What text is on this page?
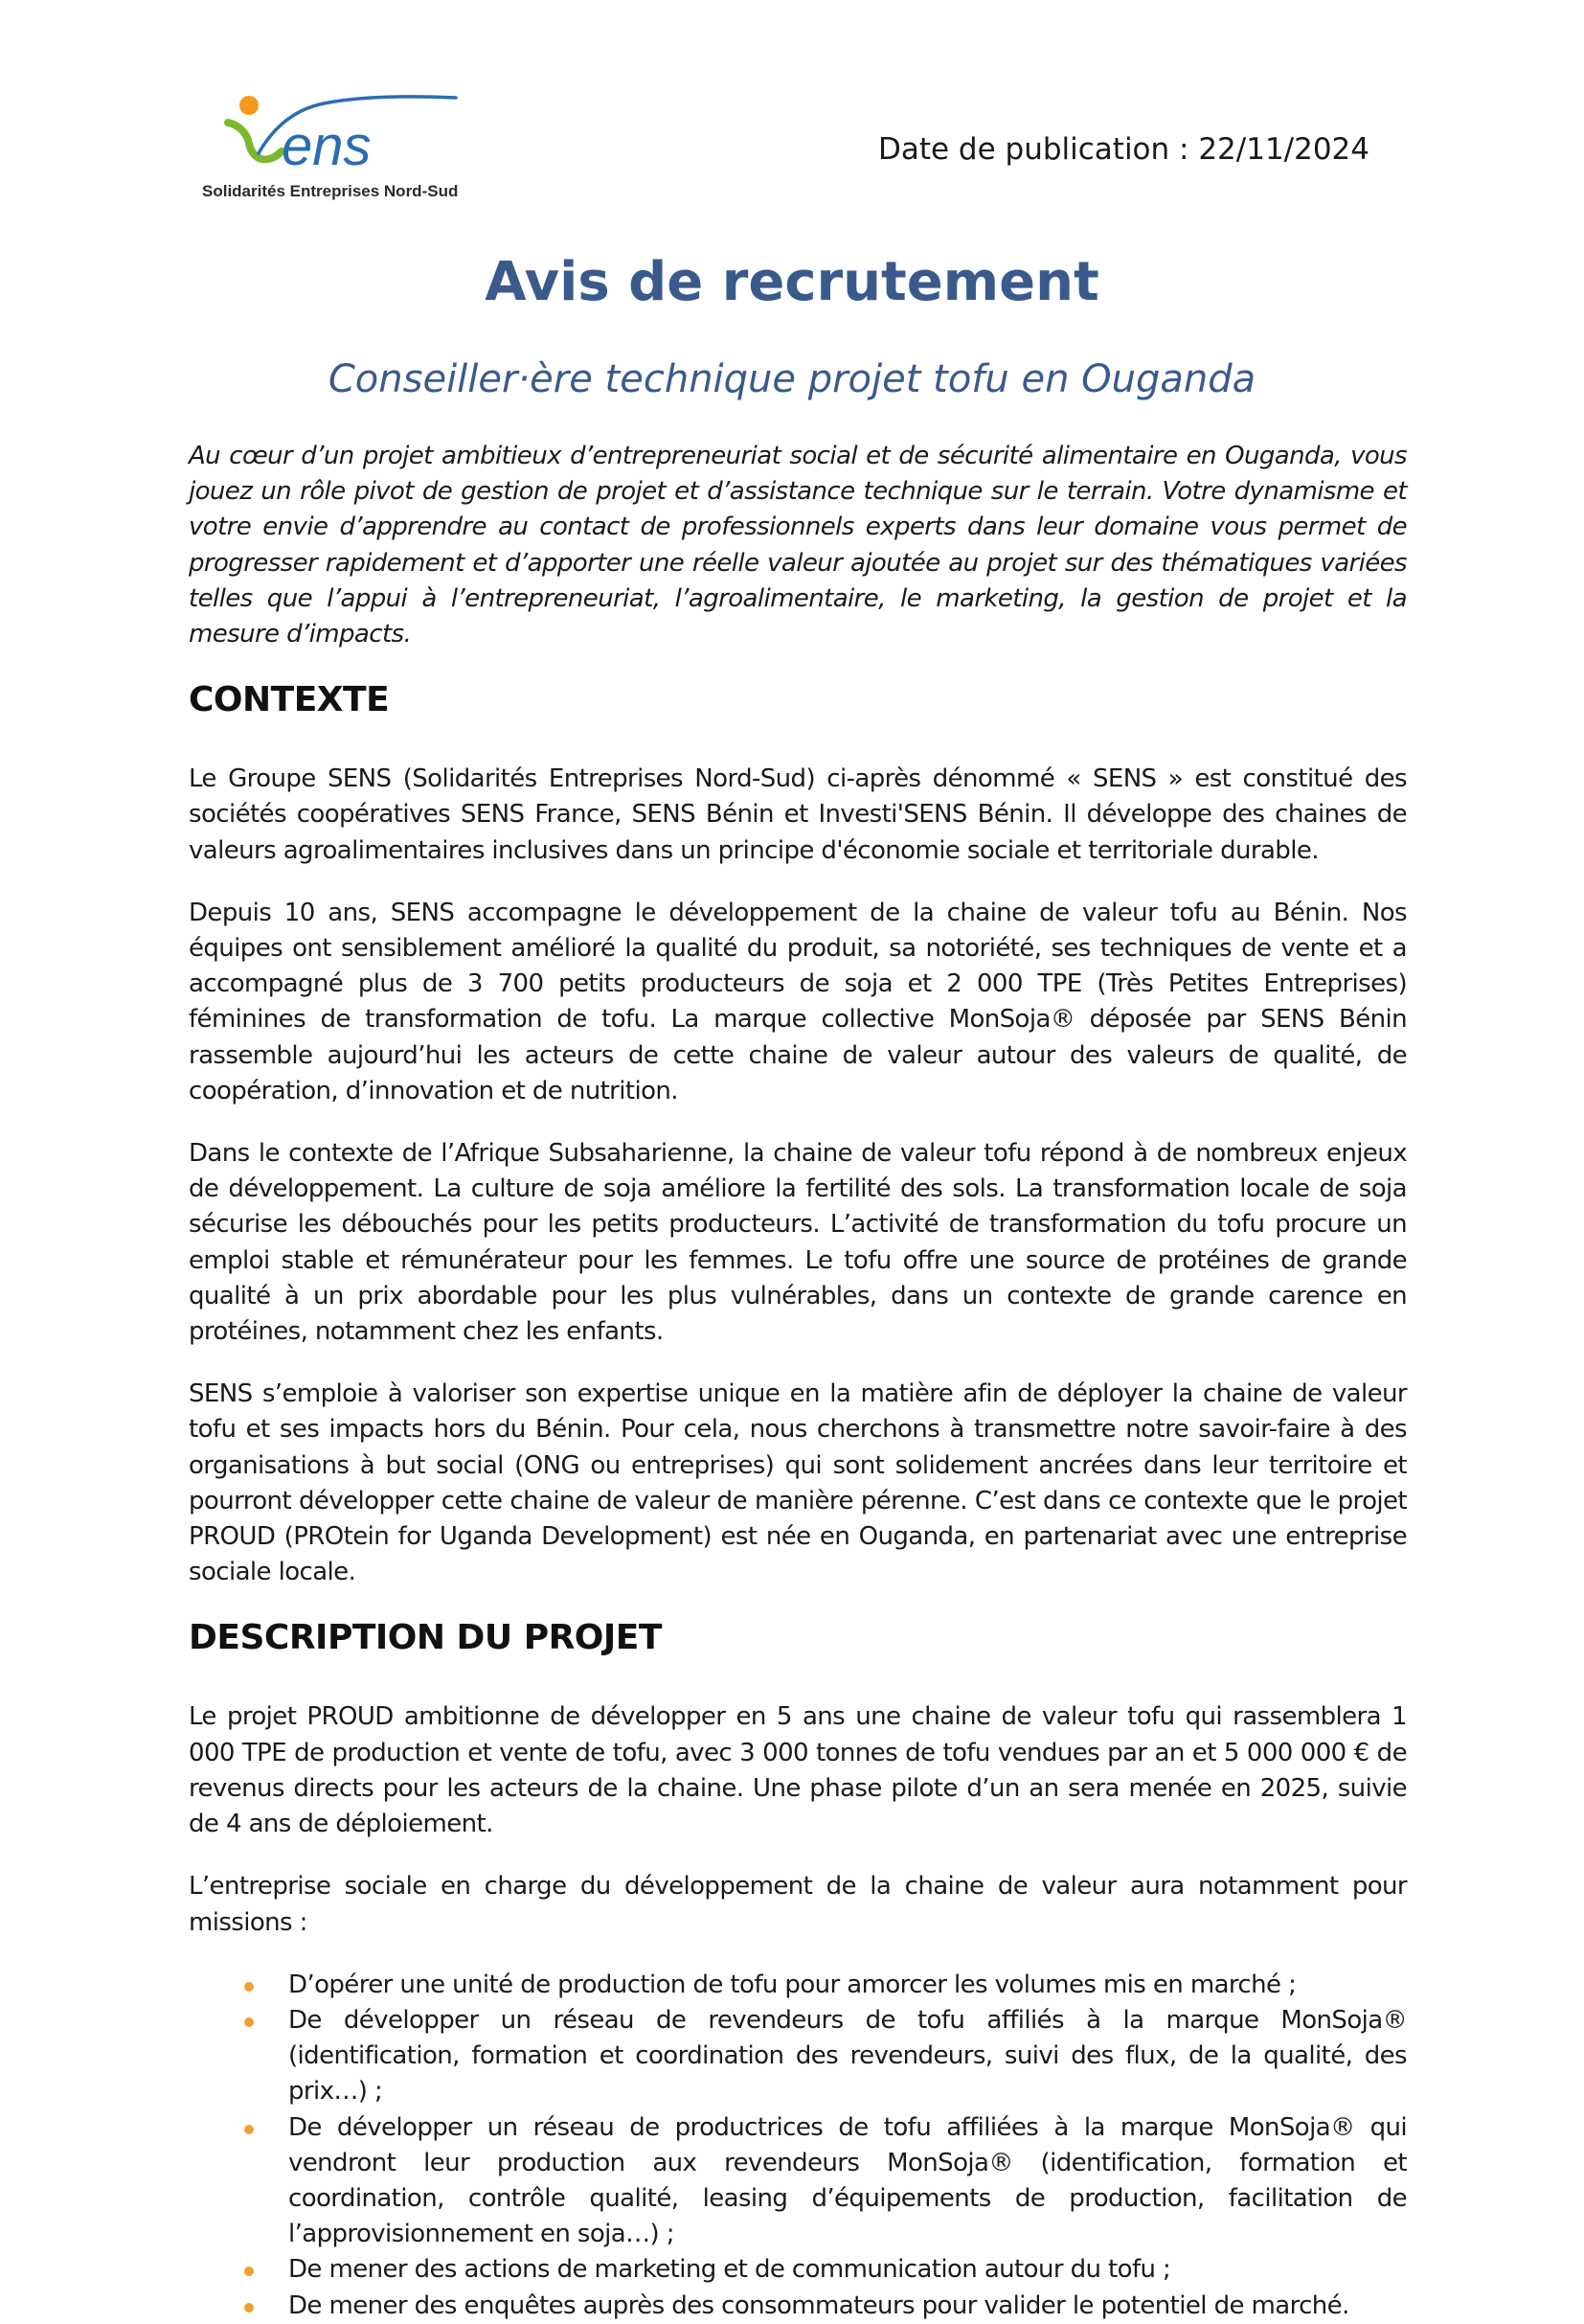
ens
Solidarités Entreprises Nord-Sud
Date de publication : 22/11/2024
Avis de recrutement
Conseiller·ère technique projet tofu en Ouganda

Au cœur d’un projet ambitieux d’entrepreneuriat social et de sécurité alimentaire en Ouganda, vous jouez un rôle pivot de gestion de projet et d’assistance technique sur le terrain. Votre dynamisme et votre envie d’apprendre au contact de professionnels experts dans leur domaine vous permet de progresser rapidement et d’apporter une réelle valeur ajoutée au projet sur des thématiques variées telles que l’appui à l’entrepreneuriat, l’agroalimentaire, le marketing, la gestion de projet et la mesure d’impacts.

CONTEXTE

Le Groupe SENS (Solidarités Entreprises Nord-Sud) ci-après dénommé « SENS » est constitué des sociétés coopératives SENS France, SENS Bénin et Investi'SENS Bénin. Il développe des chaines de valeurs agroalimentaires inclusives dans un principe d'économie sociale et territoriale durable.

Depuis 10 ans, SENS accompagne le développement de la chaine de valeur tofu au Bénin. Nos équipes ont sensiblement amélioré la qualité du produit, sa notoriété, ses techniques de vente et a accompagné plus de 3 700 petits producteurs de soja et 2 000 TPE (Très Petites Entreprises) féminines de transformation de tofu. La marque collective MonSoja® déposée par SENS Bénin rassemble aujourd’hui les acteurs de cette chaine de valeur autour des valeurs de qualité, de coopération, d’innovation et de nutrition.

Dans le contexte de l’Afrique Subsaharienne, la chaine de valeur tofu répond à de nombreux enjeux de développement. La culture de soja améliore la fertilité des sols. La transformation locale de soja sécurise les débouchés pour les petits producteurs. L’activité de transformation du tofu procure un emploi stable et rémunérateur pour les femmes. Le tofu offre une source de protéines de grande qualité à un prix abordable pour les plus vulnérables, dans un contexte de grande carence en protéines, notamment chez les enfants.

SENS s’emploie à valoriser son expertise unique en la matière afin de déployer la chaine de valeur tofu et ses impacts hors du Bénin. Pour cela, nous cherchons à transmettre notre savoir-faire à des organisations à but social (ONG ou entreprises) qui sont solidement ancrées dans leur territoire et pourront développer cette chaine de valeur de manière pérenne. C’est dans ce contexte que le projet PROUD (PROtein for Uganda Development) est née en Ouganda, en partenariat avec une entreprise sociale locale.

DESCRIPTION DU PROJET

Le projet PROUD ambitionne de développer en 5 ans une chaine de valeur tofu qui rassemblera 1 000 TPE de production et vente de tofu, avec 3 000 tonnes de tofu vendues par an et 5 000 000 € de revenus directs pour les acteurs de la chaine. Une phase pilote d’un an sera menée en 2025, suivie de 4 ans de déploiement.

L’entreprise sociale en charge du développement de la chaine de valeur aura notamment pour missions :

D’opérer une unité de production de tofu pour amorcer les volumes mis en marché ;
De développer un réseau de revendeurs de tofu affiliés à la marque MonSoja® (identification, formation et coordination des revendeurs, suivi des flux, de la qualité, des prix…) ;
De développer un réseau de productrices de tofu affiliées à la marque MonSoja® qui vendront leur production aux revendeurs MonSoja® (identification, formation et coordination, contrôle qualité, leasing d’équipements de production, facilitation de l’approvisionnement en soja…) ;
De mener des actions de marketing et de communication autour du tofu ;
De mener des enquêtes auprès des consommateurs pour valider le potentiel de marché.
